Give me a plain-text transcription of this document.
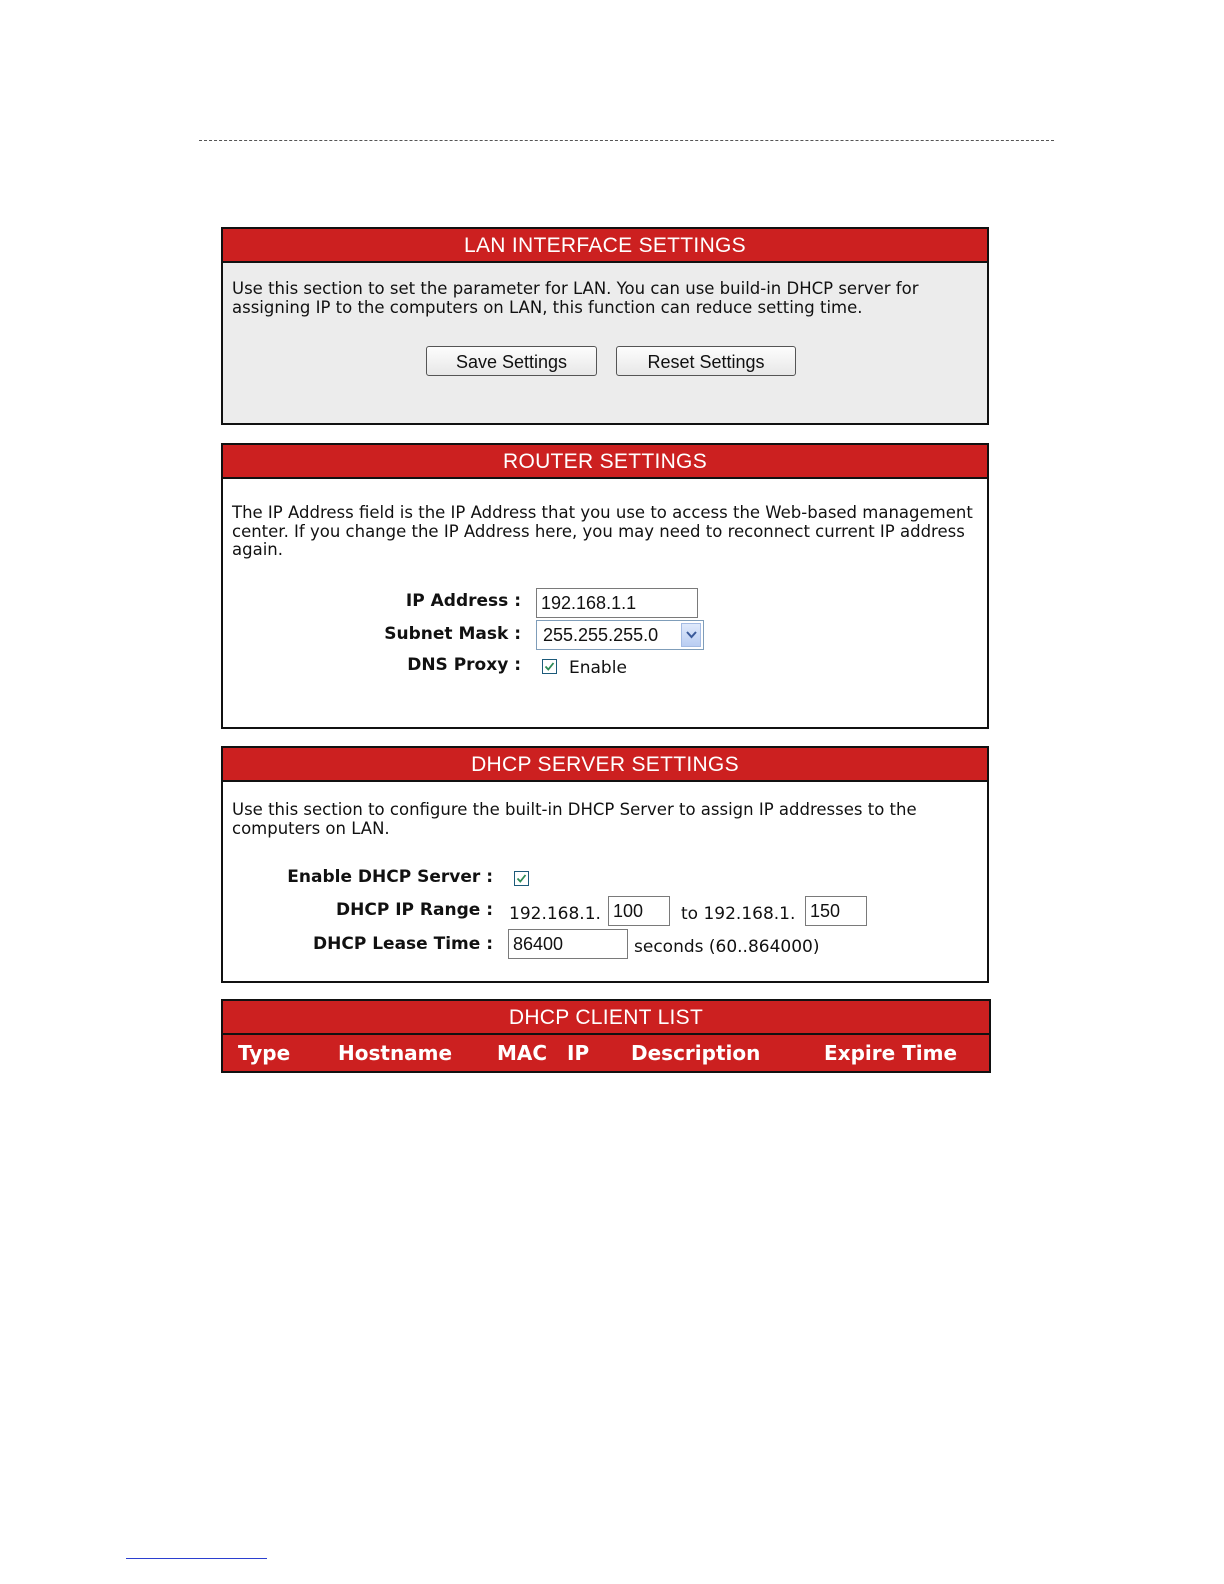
LAN INTERFACE SETTINGS

Use this section to set the parameter for LAN. You can use build-in DHCP server for assigning IP to the computers on LAN, this function can reduce setting time.

Save Settings	Reset Settings
ROUTER SETTINGS

The IP Address field is the IP Address that you use to access the Web-based management center. If you change the IP Address here, you may need to reconnect current IP address again.

IP Address : 192.168.1.1
Subnet Mask : 255.255.255.0
DNS Proxy :	Enable
DHCP SERVER SETTINGS

Use this section to configure the built-in DHCP Server to assign IP addresses to the computers on LAN.

Enable DHCP Server :
DHCP IP Range : 192.168.1. 100	to 192.168.1. 150
DHCP Lease Time : 86400	seconds (60..864000)
DHCP CLIENT LIST
Type Hostname MAC IP Description	Expire Time
